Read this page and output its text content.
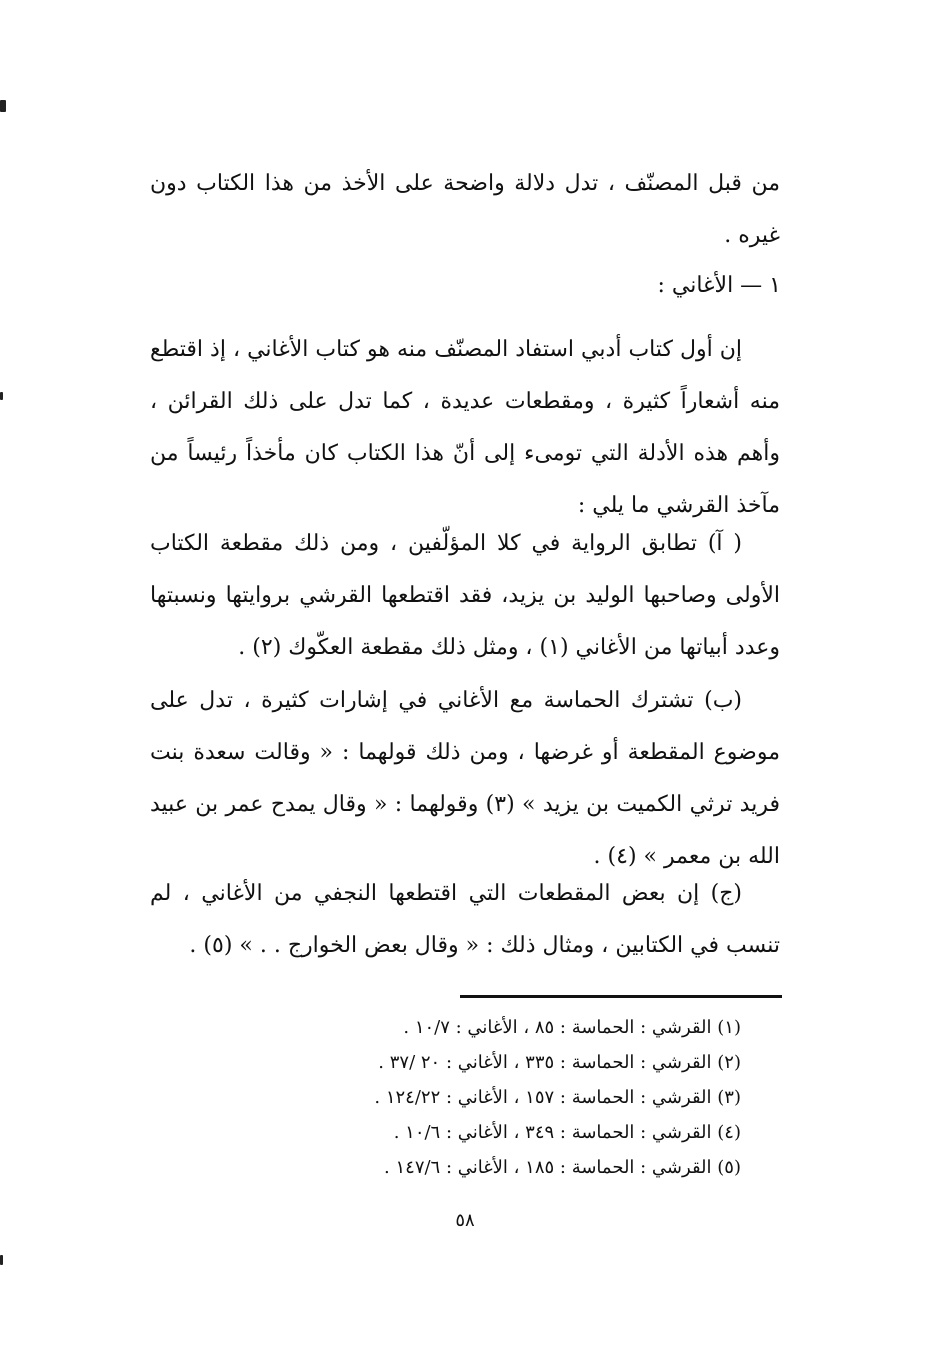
من قبل المصنّف ، تدل دلالة واضحة على الأخذ من هذا الكتاب دون غيره .

١ — الأغاني :

إن أول كتاب أدبي استفاد المصنّف منه هو كتاب الأغاني ، إذ اقتطع منه أشعاراً كثيرة ، ومقطعات عديدة ، كما تدل على ذلك القرائن ، وأهم هذه الأدلة التي تومىء إلى أنّ هذا الكتاب كان مأخذاً رئيساً من مآخذ القرشي ما يلي :

( آ) تطابق الرواية في كلا المؤلّفين ، ومن ذلك مقطعة الكتاب الأولى وصاحبها الوليد بن يزيد، فقد اقتطعها القرشي بروايتها ونسبتها وعدد أبياتها من الأغاني (١) ، ومثل ذلك مقطعة العكّوك (٢) .

(ب) تشترك الحماسة مع الأغاني في إشارات كثيرة ، تدل على موضوع المقطعة أو غرضها ، ومن ذلك قولهما : « وقالت سعدة بنت فريد ترثي الكميت بن يزيد » (٣) وقولهما : « وقال يمدح عمر بن عبيد الله بن معمر » (٤) .

(ج) إن بعض المقطعات التي اقتطعها النجفي من الأغاني ، لم تنسب في الكتابين ، ومثال ذلك : « وقال بعض الخوارج . . » (٥) .

(١) القرشي : الحماسة : ٨٥ ، الأغاني : ١٠/٧ .
(٢) القرشي : الحماسة : ٣٣٥ ، الأغاني : ٢٠ /٣٧ .
(٣) القرشي : الحماسة : ١٥٧ ، الأغاني : ١٢٤/٢٢ .
(٤) القرشي : الحماسة : ٣٤٩ ، الأغاني : ١٠/٦ .
(٥) القرشي : الحماسة : ١٨٥ ، الأغاني : ١٤٧/٦ .
٥٨
